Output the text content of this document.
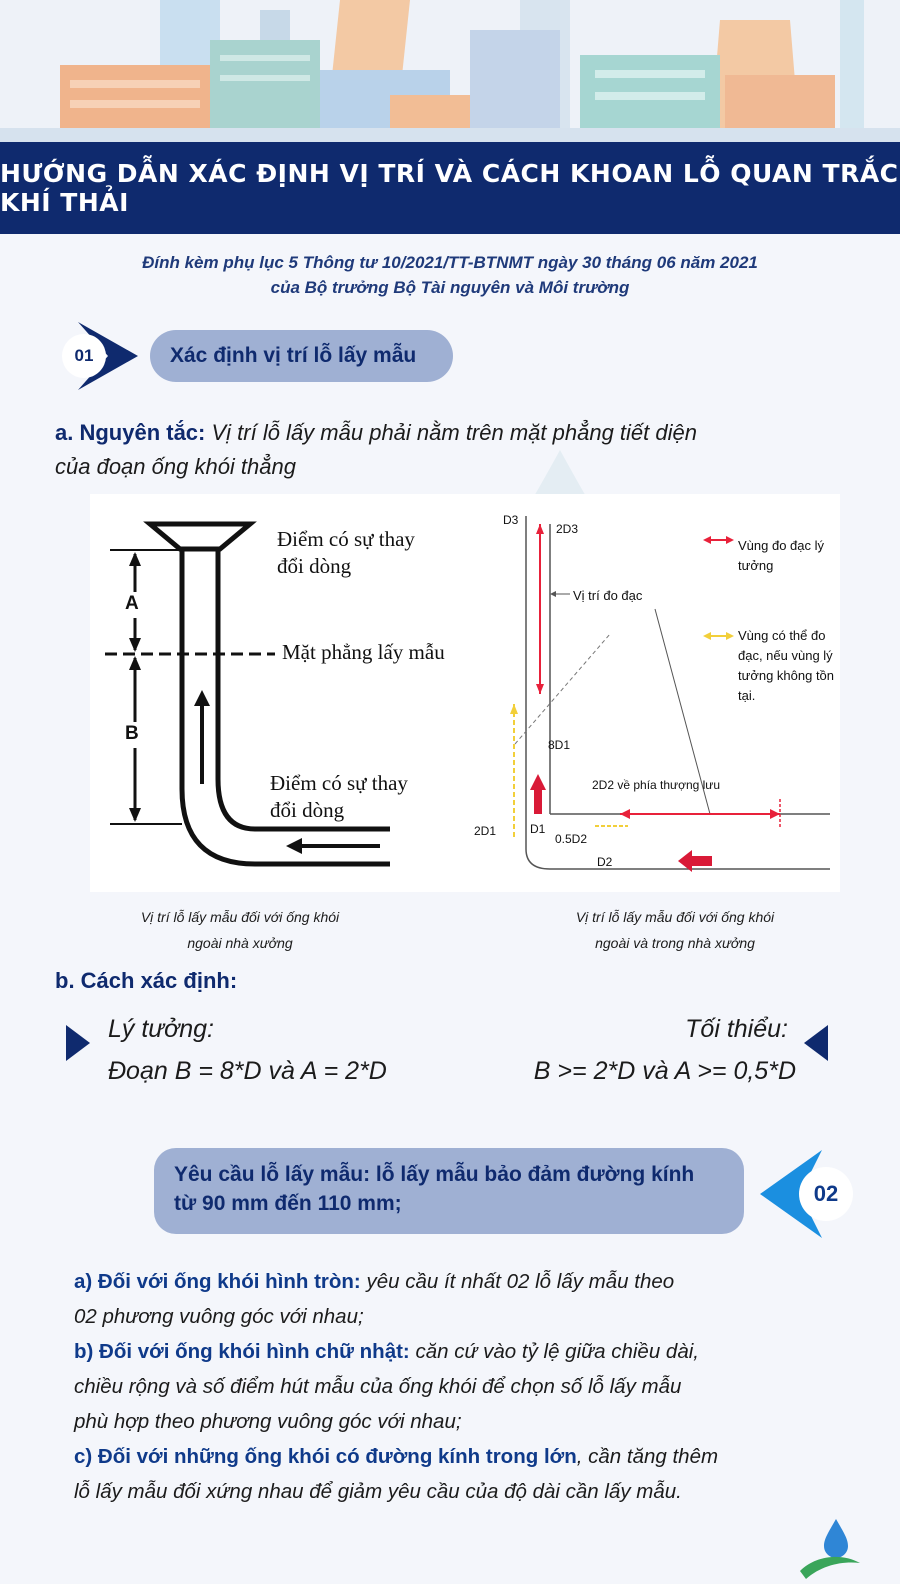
HƯỚNG DẪN XÁC ĐỊNH VỊ TRÍ VÀ CÁCH KHOAN LỖ QUAN TRẮC KHÍ THẢI
Đính kèm phụ lục 5 Thông tư 10/2021/TT-BTNMT ngày 30 tháng 06 năm 2021
của Bộ trưởng Bộ Tài nguyên và Môi trường
01	Xác định vị trí lỗ lấy mẫu
a. Nguyên tắc: Vị trí lỗ lấy mẫu phải nằm trên mặt phẳng tiết diện
của đoạn ống khói thẳng
A
B
Điểm có sự thay
đổi dòng
Mặt phẳng lấy mẫu
Điểm có sự thay
đổi dòng
D3
2D3
Vị trí đo đạc
8D1
2D2 về phía thượng lưu
2D1	D1
0.5D2
D2
Vùng đo đạc lý
tưởng
Vùng có thể đo
đạc, nếu vùng lý
tưởng không tồn
tại.
Vị trí lỗ lấy mẫu đối với ống khói
ngoài nhà xưởng
Vị trí lỗ lấy mẫu đối với ống khói
ngoài và trong nhà xưởng
b. Cách xác định:
Lý tưởng:
Đoạn B = 8*D và A = 2*D
Tối thiểu:
B >= 2*D và A >= 0,5*D
Yêu cầu lỗ lấy mẫu: lỗ lấy mẫu bảo đảm đường kính
từ 90 mm đến 110 mm;	02
a) Đối với ống khói hình tròn: yêu cầu ít nhất 02 lỗ lấy mẫu theo
02 phương vuông góc với nhau;
b) Đối với ống khói hình chữ nhật: căn cứ vào tỷ lệ giữa chiều dài,
chiều rộng và số điểm hút mẫu của ống khói để chọn số lỗ lấy mẫu
phù hợp theo phương vuông góc với nhau;
c) Đối với những ống khói có đường kính trong lớn, cần tăng thêm
lỗ lấy mẫu đối xứng nhau để giảm yêu cầu của độ dài cần lấy mẫu.
